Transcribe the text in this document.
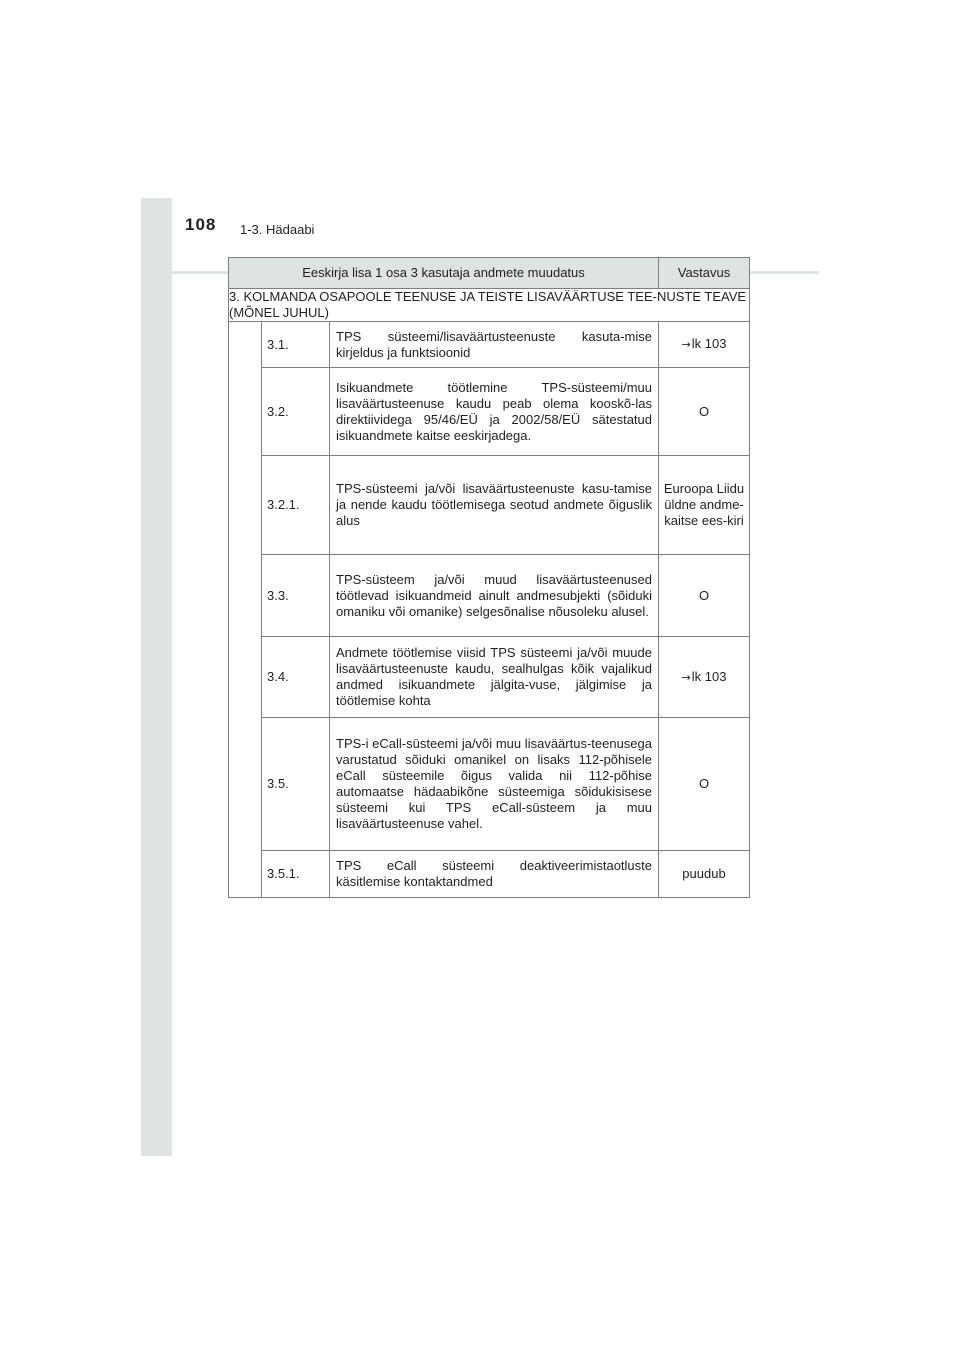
108 1-3. Hädaabi
Eeskirja lisa 1 osa 3 kasutaja andmete muudatus			Vastavus
3. KOLMANDA OSAPOOLE TEENUSE JA TEISTE LISAVÄÄRTUSE TEE-NUSTE TEAVE (MÕNEL JUHUL)			
	3.1.	TPS süsteemi/lisaväärtusteenuste kasuta-mise kirjeldus ja funktsioonid	→lk 103
	3.2.	Isikuandmete töötlemine TPS-süsteemi/muu lisaväärtusteenuse kaudu peab olema kooskõ-las direktiividega 95/46/EÜ ja 2002/58/EÜ sätestatud isikuandmete kaitse eeskirjadega.	O
	3.2.1.	TPS-süsteemi ja/või lisaväärtusteenuste kasu-tamise ja nende kaudu töötlemisega seotud andmete õiguslik alus	Euroopa Liidu üldne andme-kaitse ees-kiri
	3.3.	TPS-süsteem ja/või muud lisaväärtusteenused töötlevad isikuandmeid ainult andmesubjekti (sõiduki omaniku või omanike) selgesõnalise nõusoleku alusel.	O
	3.4.	Andmete töötlemise viisid TPS süsteemi ja/või muude lisaväärtusteenuste kaudu, sealhulgas kõik vajalikud andmed isikuandmete jälgita-vuse, jälgimise ja töötlemise kohta	→lk 103
	3.5.	TPS-i eCall-süsteemi ja/või muu lisaväärtus-teenusega varustatud sõiduki omanikel on lisaks 112-põhisele eCall süsteemile õigus valida nii 112-põhise automaatse hädaabikõne süsteemiga sõidukisisese süsteemi kui TPS eCall-süsteem ja muu lisaväärtusteenuse vahel.	O
	3.5.1.	TPS eCall süsteemi deaktiveerimistaotluste käsitlemise kontaktandmed	puudub
